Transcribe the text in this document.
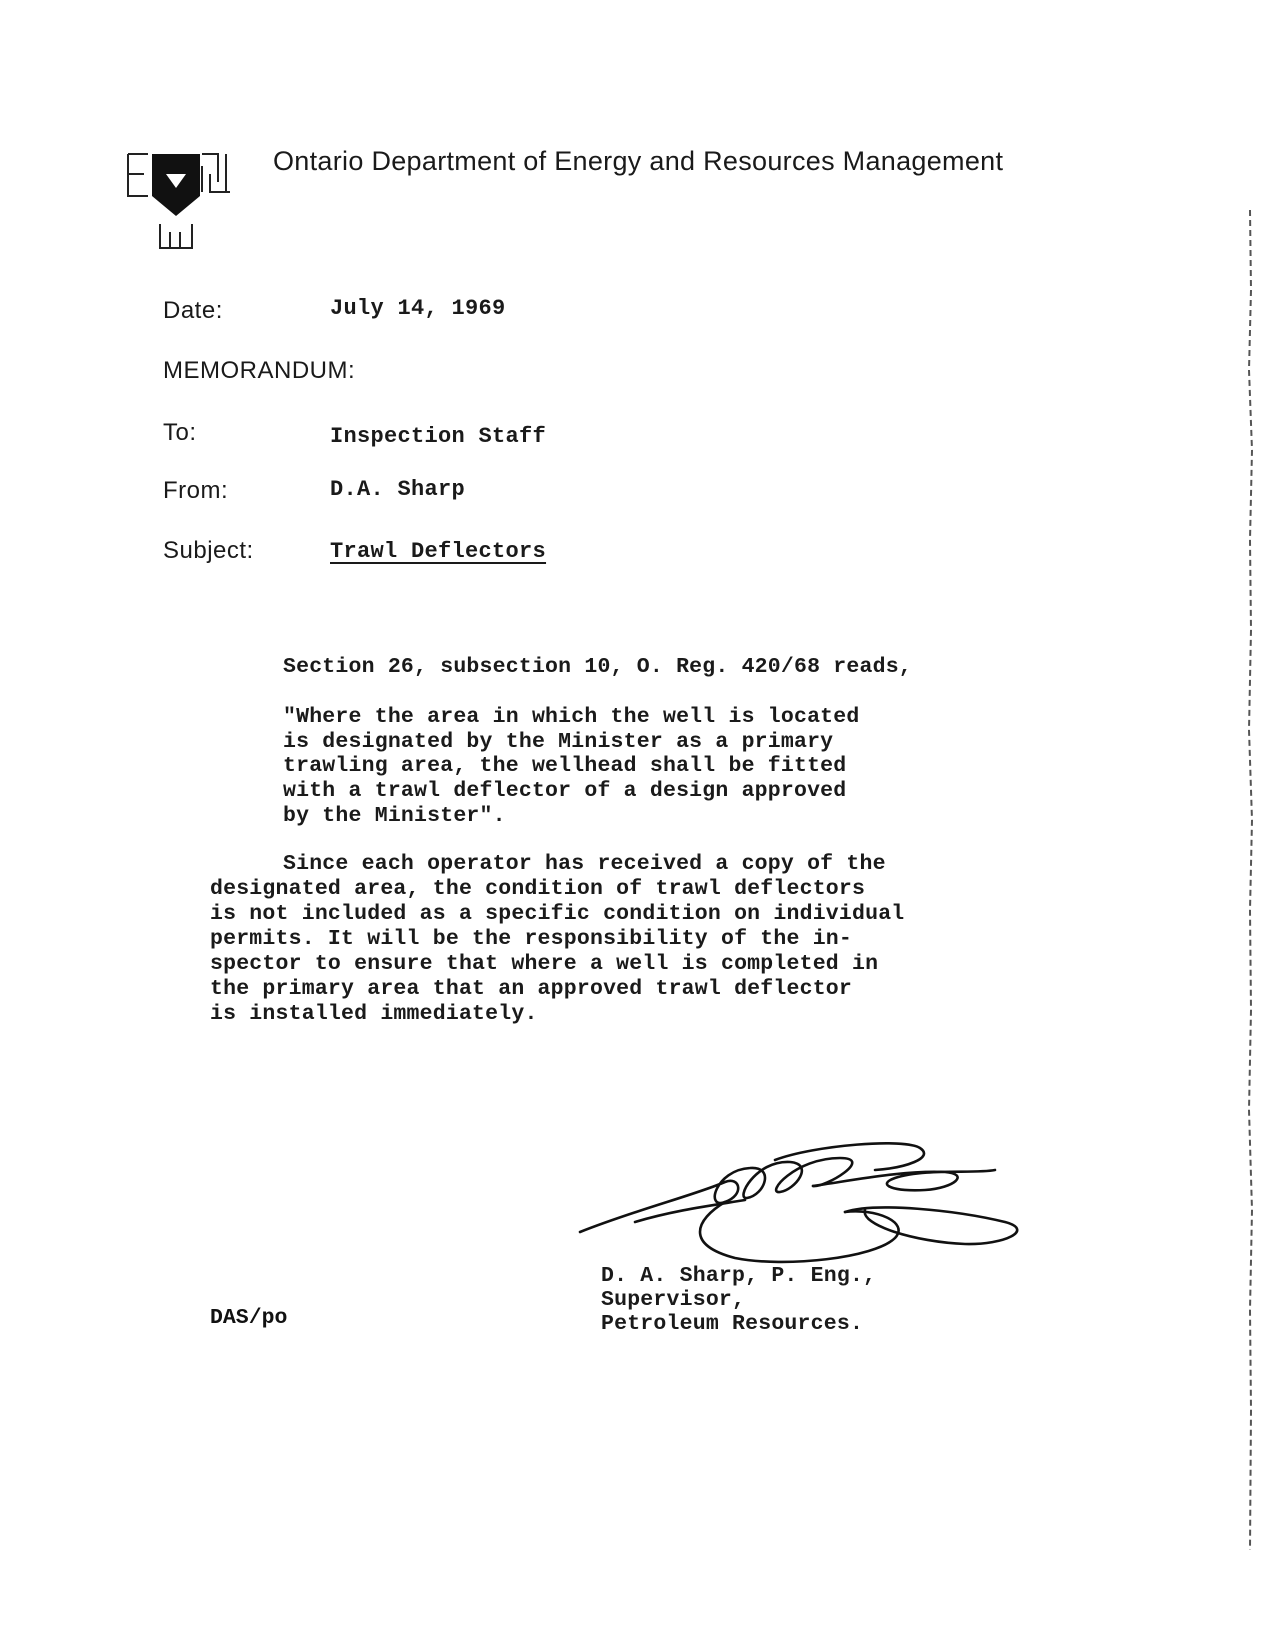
Ontario Department of Energy and Resources Management
Date:	July 14, 1969
MEMORANDUM:
To:	Inspection Staff
From:	D.A. Sharp
Subject:	Trawl Deflectors
Section 26, subsection 10, O. Reg. 420/68 reads,
"Where the area in which the well is located
is designated by the Minister as a primary
trawling area, the wellhead shall be fitted
with a trawl deflector of a design approved
by the Minister".
Since each operator has received a copy of the
designated area, the condition of trawl deflectors
is not included as a specific condition on individual
permits. It will be the responsibility of the in-
spector to ensure that where a well is completed in
the primary area that an approved trawl deflector
is installed immediately.
D. A. Sharp, P. Eng.,
Supervisor,
Petroleum Resources.
DAS/po
